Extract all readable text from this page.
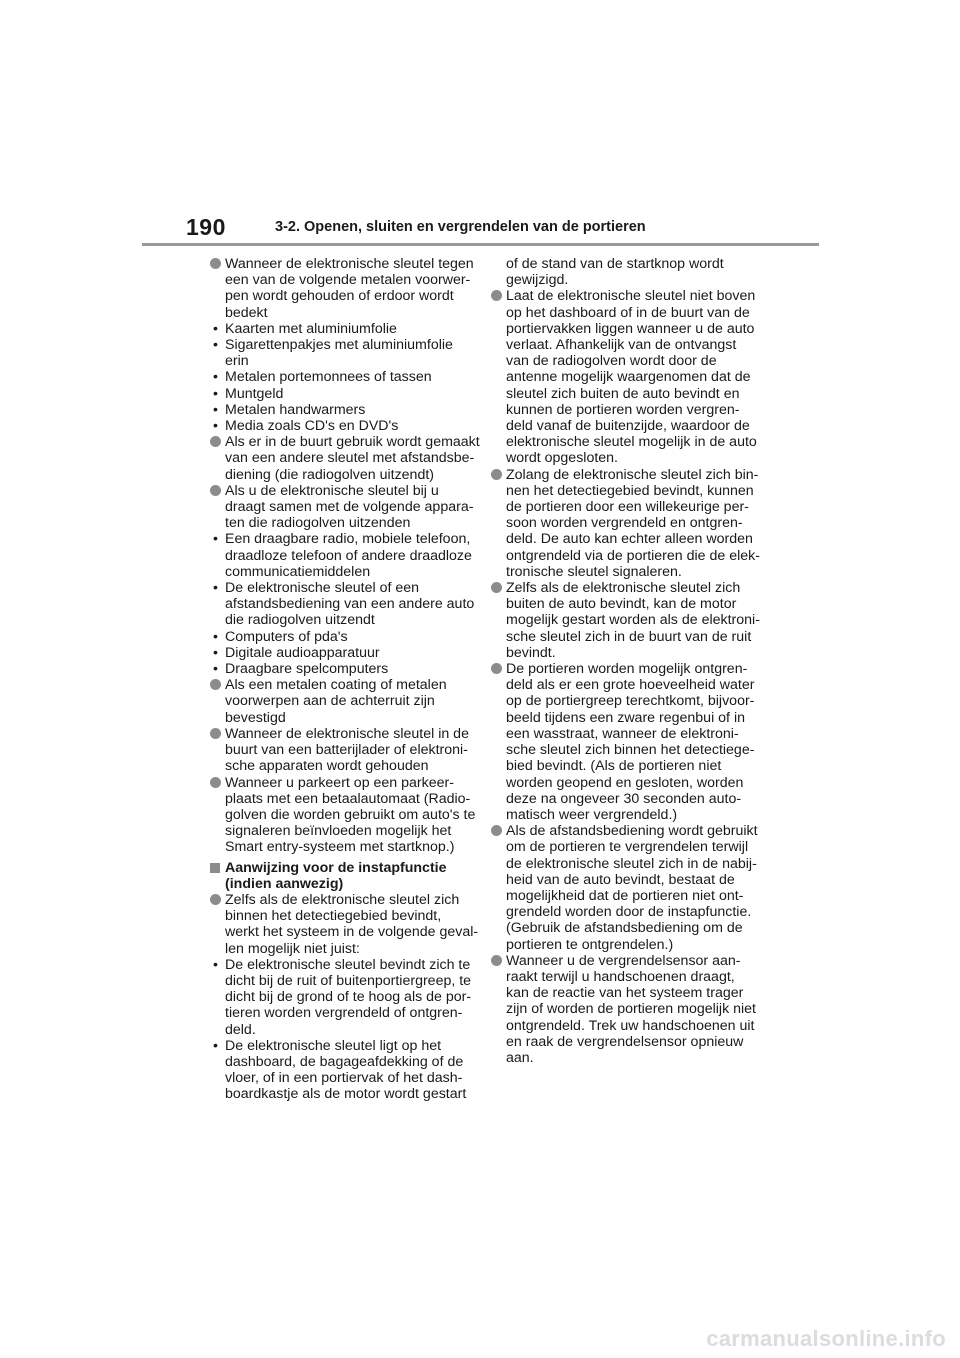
190	3-2. Openen, sluiten en vergrendelen van de portieren
Wanneer de elektronische sleutel tegen
een van de volgende metalen voorwer-
pen wordt gehouden of erdoor wordt
bedekt
• Kaarten met aluminiumfolie
• Sigarettenpakjes met aluminiumfolie
erin
• Metalen portemonnees of tassen
• Muntgeld
• Metalen handwarmers
• Media zoals CD's en DVD's
Als er in de buurt gebruik wordt gemaakt
van een andere sleutel met afstandsbe-
diening (die radiogolven uitzendt)
Als u de elektronische sleutel bij u
draagt samen met de volgende appara-
ten die radiogolven uitzenden
• Een draagbare radio, mobiele telefoon,
draadloze telefoon of andere draadloze
communicatiemiddelen
• De elektronische sleutel of een
afstandsbediening van een andere auto
die radiogolven uitzendt
• Computers of pda's
• Digitale audioapparatuur
• Draagbare spelcomputers
Als een metalen coating of metalen
voorwerpen aan de achterruit zijn
bevestigd
Wanneer de elektronische sleutel in de
buurt van een batterijlader of elektroni-
sche apparaten wordt gehouden
Wanneer u parkeert op een parkeer-
plaats met een betaalautomaat (Radio-
golven die worden gebruikt om auto's te
signaleren beïnvloeden mogelijk het
Smart entry-systeem met startknop.)
Aanwijzing voor de instapfunctie
(indien aanwezig)
Zelfs als de elektronische sleutel zich
binnen het detectiegebied bevindt,
werkt het systeem in de volgende geval-
len mogelijk niet juist:
• De elektronische sleutel bevindt zich te
dicht bij de ruit of buitenportiergreep, te
dicht bij de grond of te hoog als de por-
tieren worden vergrendeld of ontgren-
deld.
• De elektronische sleutel ligt op het
dashboard, de bagageafdekking of de
vloer, of in een portiervak of het dash-
boardkastje als de motor wordt gestart
of de stand van de startknop wordt
gewijzigd.
Laat de elektronische sleutel niet boven
op het dashboard of in de buurt van de
portiervakken liggen wanneer u de auto
verlaat. Afhankelijk van de ontvangst
van de radiogolven wordt door de
antenne mogelijk waargenomen dat de
sleutel zich buiten de auto bevindt en
kunnen de portieren worden vergren-
deld vanaf de buitenzijde, waardoor de
elektronische sleutel mogelijk in de auto
wordt opgesloten.
Zolang de elektronische sleutel zich bin-
nen het detectiegebied bevindt, kunnen
de portieren door een willekeurige per-
soon worden vergrendeld en ontgren-
deld. De auto kan echter alleen worden
ontgrendeld via de portieren die de elek-
tronische sleutel signaleren.
Zelfs als de elektronische sleutel zich
buiten de auto bevindt, kan de motor
mogelijk gestart worden als de elektroni-
sche sleutel zich in de buurt van de ruit
bevindt.
De portieren worden mogelijk ontgren-
deld als er een grote hoeveelheid water
op de portiergreep terechtkomt, bijvoor-
beeld tijdens een zware regenbui of in
een wasstraat, wanneer de elektroni-
sche sleutel zich binnen het detectiege-
bied bevindt. (Als de portieren niet
worden geopend en gesloten, worden
deze na ongeveer 30 seconden auto-
matisch weer vergrendeld.)
Als de afstandsbediening wordt gebruikt
om de portieren te vergrendelen terwijl
de elektronische sleutel zich in de nabij-
heid van de auto bevindt, bestaat de
mogelijkheid dat de portieren niet ont-
grendeld worden door de instapfunctie.
(Gebruik de afstandsbediening om de
portieren te ontgrendelen.)
Wanneer u de vergrendelsensor aan-
raakt terwijl u handschoenen draagt,
kan de reactie van het systeem trager
zijn of worden de portieren mogelijk niet
ontgrendeld. Trek uw handschoenen uit
en raak de vergrendelsensor opnieuw
aan.
carmanualsonline.info
